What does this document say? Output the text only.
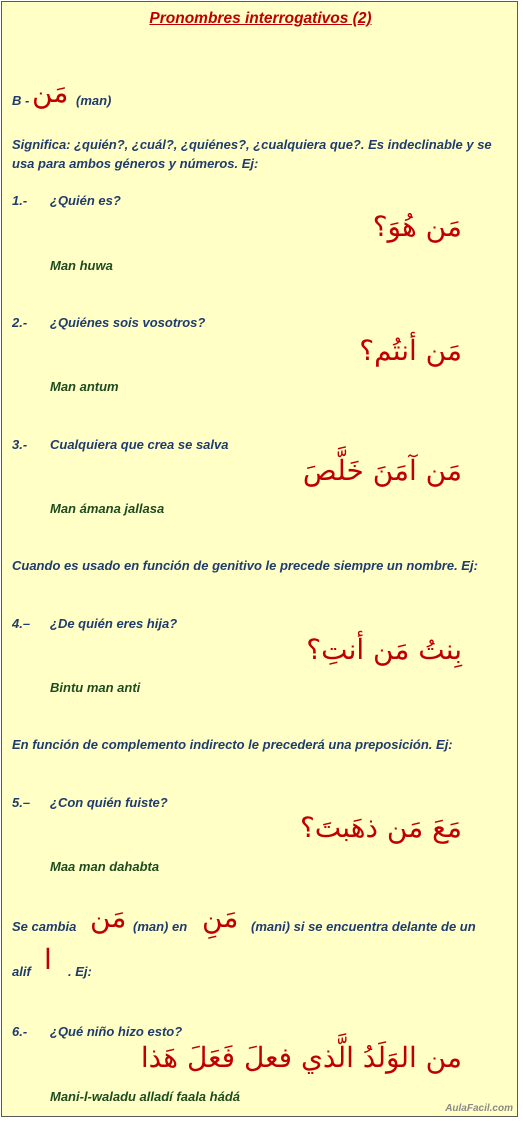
Pronombres interrogativos (2)
B - مَن (man)
Significa: ¿quién?, ¿cuál?, ¿quiénes?, ¿cualquiera que?. Es indeclinable y se usa para ambos géneros y números. Ej:
1.- ¿Quién es?
مَن هُوَ؟
Man huwa
2.- ¿Quiénes sois vosotros?
مَن أنتُم؟
Man antum
3.- Cualquiera que crea se salva
مَن آمَنَ خَلَّصَ
Man ámana jallasa
Cuando es usado en función de genitivo le precede siempre un nombre. Ej:
4.– ¿De quién eres hija?
بِنتُ مَن أنتِ؟
Bintu man anti
En función de complemento indirecto le precederá una preposición. Ej:
5.– ¿Con quién fuiste?
مَعَ مَن ذهَبتَ؟
Maa man dahabta
Se cambia مَن (man) en مَنِ (mani) si se encuentra delante de un
alif ا . Ej:
6.- ¿Qué niño hizo esto?
من الوَلَدُ الَّذي فعلَ فَعَلَ هَذا
Mani-l-waladu alladí faala hádá
AulaFacil.com
